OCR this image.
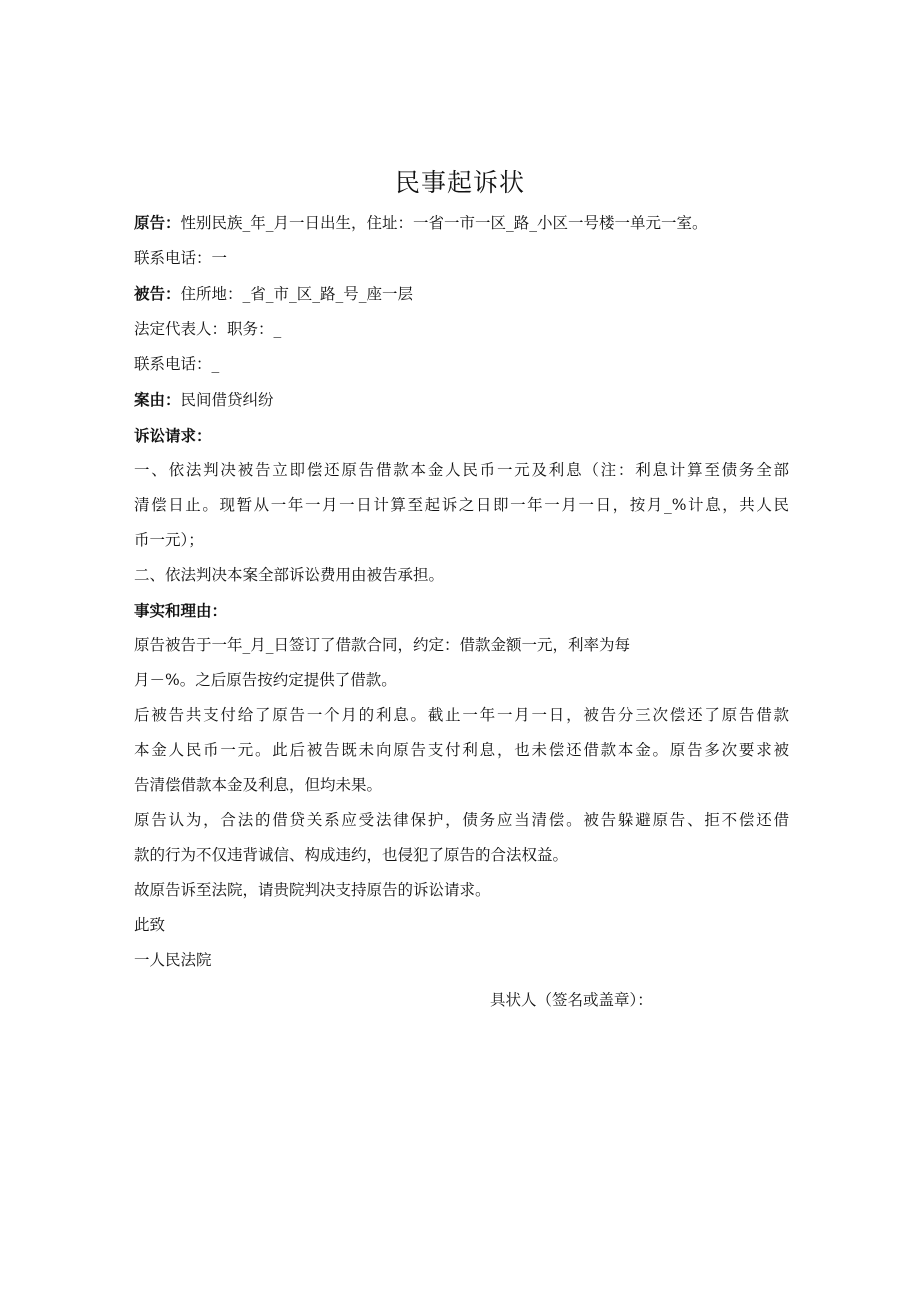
民事起诉状

原告：性别民族_年_月一日出生，住址：一省一市一区_路_小区一号楼一单元一室。

联系电话：一

被告：住所地：_省_市_区_路_号_座一层

法定代表人：职务：_

联系电话：_

案由：民间借贷纠纷

诉讼请求：

一、依法判决被告立即偿还原告借款本金人民币一元及利息（注：利息计算至债务全部

清偿日止。现暂从一年一月一日计算至起诉之日即一年一月一日，按月_%计息，共人民

币一元）；

二、依法判决本案全部诉讼费用由被告承担。

事实和理由：

原告被告于一年_月_日签订了借款合同，约定：借款金额一元，利率为每

月－%。之后原告按约定提供了借款。

后被告共支付给了原告一个月的利息。截止一年一月一日，被告分三次偿还了原告借款

本金人民币一元。此后被告既未向原告支付利息，也未偿还借款本金。原告多次要求被

告清偿借款本金及利息，但均未果。

原告认为，合法的借贷关系应受法律保护，债务应当清偿。被告躲避原告、拒不偿还借

款的行为不仅违背诚信、构成违约，也侵犯了原告的合法权益。

故原告诉至法院，请贵院判决支持原告的诉讼请求。

此致

一人民法院

具状人（签名或盖章）：
